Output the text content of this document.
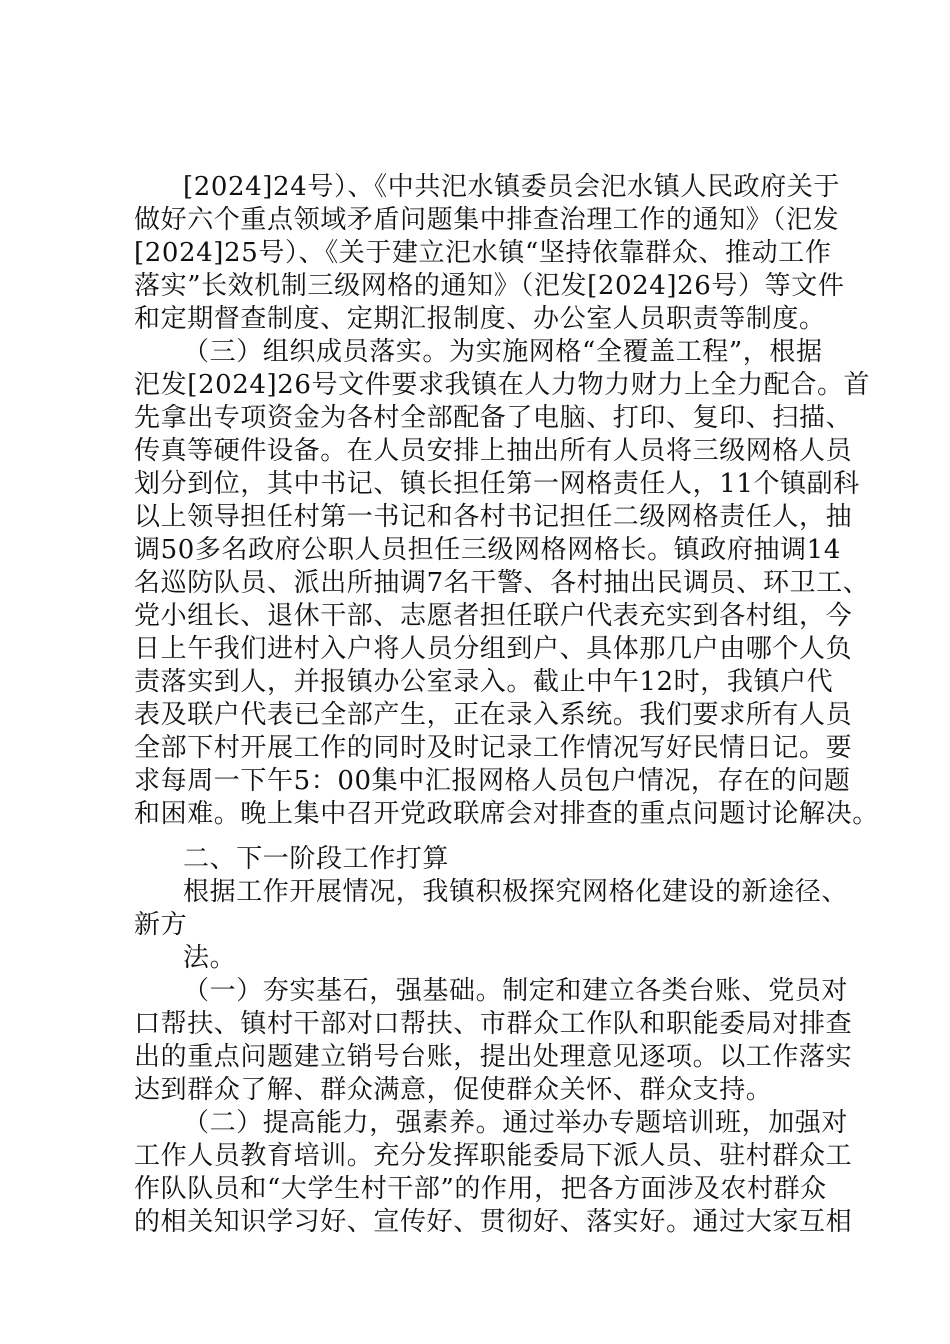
[2024]24号）、《中共汜水镇委员会汜水镇人民政府关于
做好六个重点领域矛盾问题集中排查治理工作的通知》（汜发
[2024]25号）、《关于建立汜水镇“坚持依靠群众、推动工作
落实”长效机制三级网格的通知》（汜发[2024]26号）等文件
和定期督查制度、定期汇报制度、办公室人员职责等制度。
（三）组织成员落实。为实施网格“全覆盖工程”，根据
汜发[2024]26号文件要求我镇在人力物力财力上全力配合。首
先拿出专项资金为各村全部配备了电脑、打印、复印、扫描、
传真等硬件设备。在人员安排上抽出所有人员将三级网格人员
划分到位，其中书记、镇长担任第一网格责任人，11个镇副科
以上领导担任村第一书记和各村书记担任二级网格责任人，抽
调50多名政府公职人员担任三级网格网格长。镇政府抽调14
名巡防队员、派出所抽调7名干警、各村抽出民调员、环卫工、
党小组长、退休干部、志愿者担任联户代表充实到各村组，今
日上午我们进村入户将人员分组到户、具体那几户由哪个人负
责落实到人，并报镇办公室录入。截止中午12时，我镇户代
表及联户代表已全部产生，正在录入系统。我们要求所有人员
全部下村开展工作的同时及时记录工作情况写好民情日记。要
求每周一下午5：00集中汇报网格人员包户情况，存在的问题
和困难。晚上集中召开党政联席会对排查的重点问题讨论解决。
二、下一阶段工作打算
根据工作开展情况，我镇积极探究网格化建设的新途径、
新方
法。
（一）夯实基石，强基础。制定和建立各类台账、党员对
口帮扶、镇村干部对口帮扶、市群众工作队和职能委局对排查
出的重点问题建立销号台账，提出处理意见逐项。以工作落实
达到群众了解、群众满意，促使群众关怀、群众支持。
（二）提高能力，强素养。通过举办专题培训班，加强对
工作人员教育培训。充分发挥职能委局下派人员、驻村群众工
作队队员和“大学生村干部”的作用，把各方面涉及农村群众
的相关知识学习好、宣传好、贯彻好、落实好。通过大家互相
